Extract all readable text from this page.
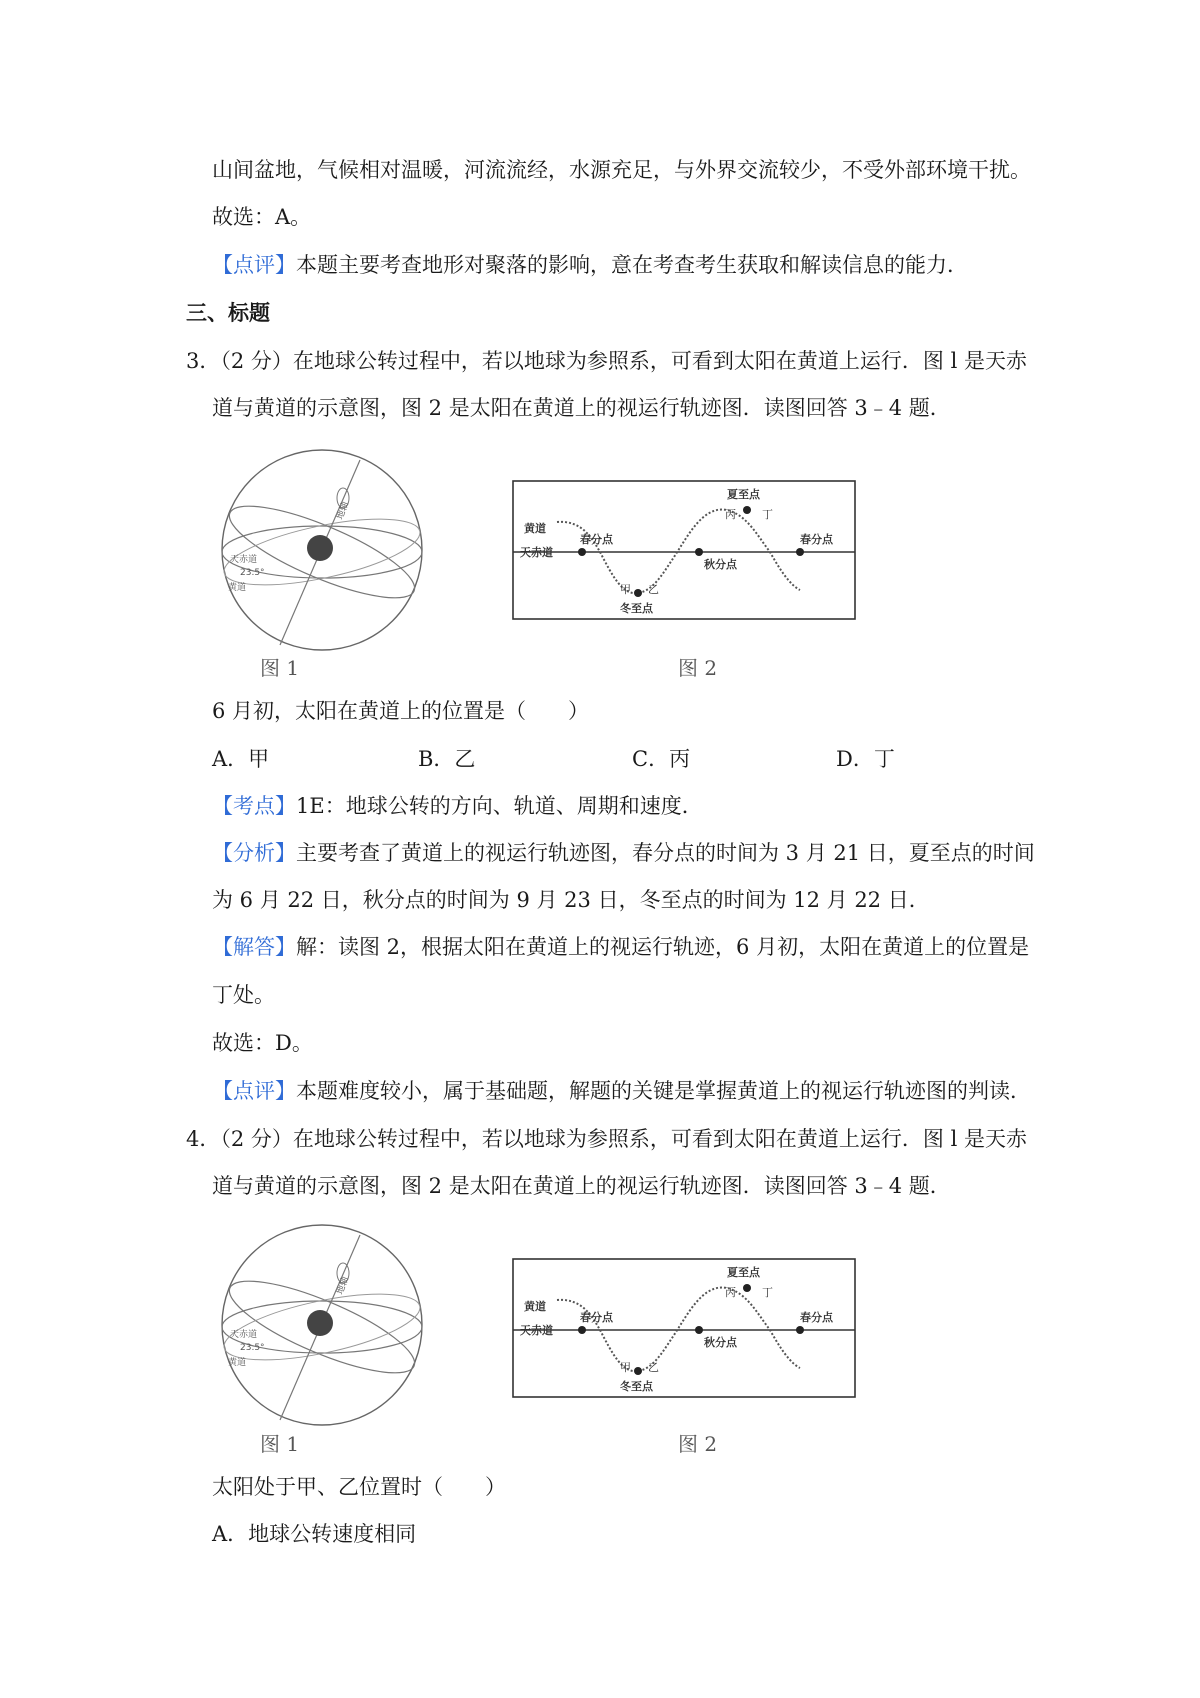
山间盆地，气候相对温暖，河流流经，水源充足，与外界交流较少，不受外部环境干扰。
故选：A。
【点评】本题主要考查地形对聚落的影响，意在考查考生获取和解读信息的能力．
三、标题
3．（2 分）在地球公转过程中，若以地球为参照系，可看到太阳在黄道上运行．图 l 是天赤
道与黄道的示意图，图 2 是太阳在黄道上的视运行轨迹图．读图回答 3﹣4 题．
天赤道
23.5°
黄道
地轴
图 1
黄道
天赤道
春分点
夏至点
秋分点
冬至点
春分点
甲 乙
丙 丁
图 2
6 月初，太阳在黄道上的位置是（　　）
A．甲	B．乙	C．丙	D．丁
【考点】1E：地球公转的方向、轨道、周期和速度．
【分析】主要考查了黄道上的视运行轨迹图，春分点的时间为 3 月 21 日，夏至点的时间
为 6 月 22 日，秋分点的时间为 9 月 23 日，冬至点的时间为 12 月 22 日．
【解答】解：读图 2，根据太阳在黄道上的视运行轨迹，6 月初，太阳在黄道上的位置是
丁处。
故选：D。
【点评】本题难度较小，属于基础题，解题的关键是掌握黄道上的视运行轨迹图的判读．
4．（2 分）在地球公转过程中，若以地球为参照系，可看到太阳在黄道上运行．图 l 是天赤
道与黄道的示意图，图 2 是太阳在黄道上的视运行轨迹图．读图回答 3﹣4 题．
天赤道
23.5°
黄道
地轴
图 1
黄道
天赤道
春分点
夏至点
秋分点
冬至点
春分点
甲 乙
丙 丁
图 2
太阳处于甲、乙位置时（　　）
A．地球公转速度相同
